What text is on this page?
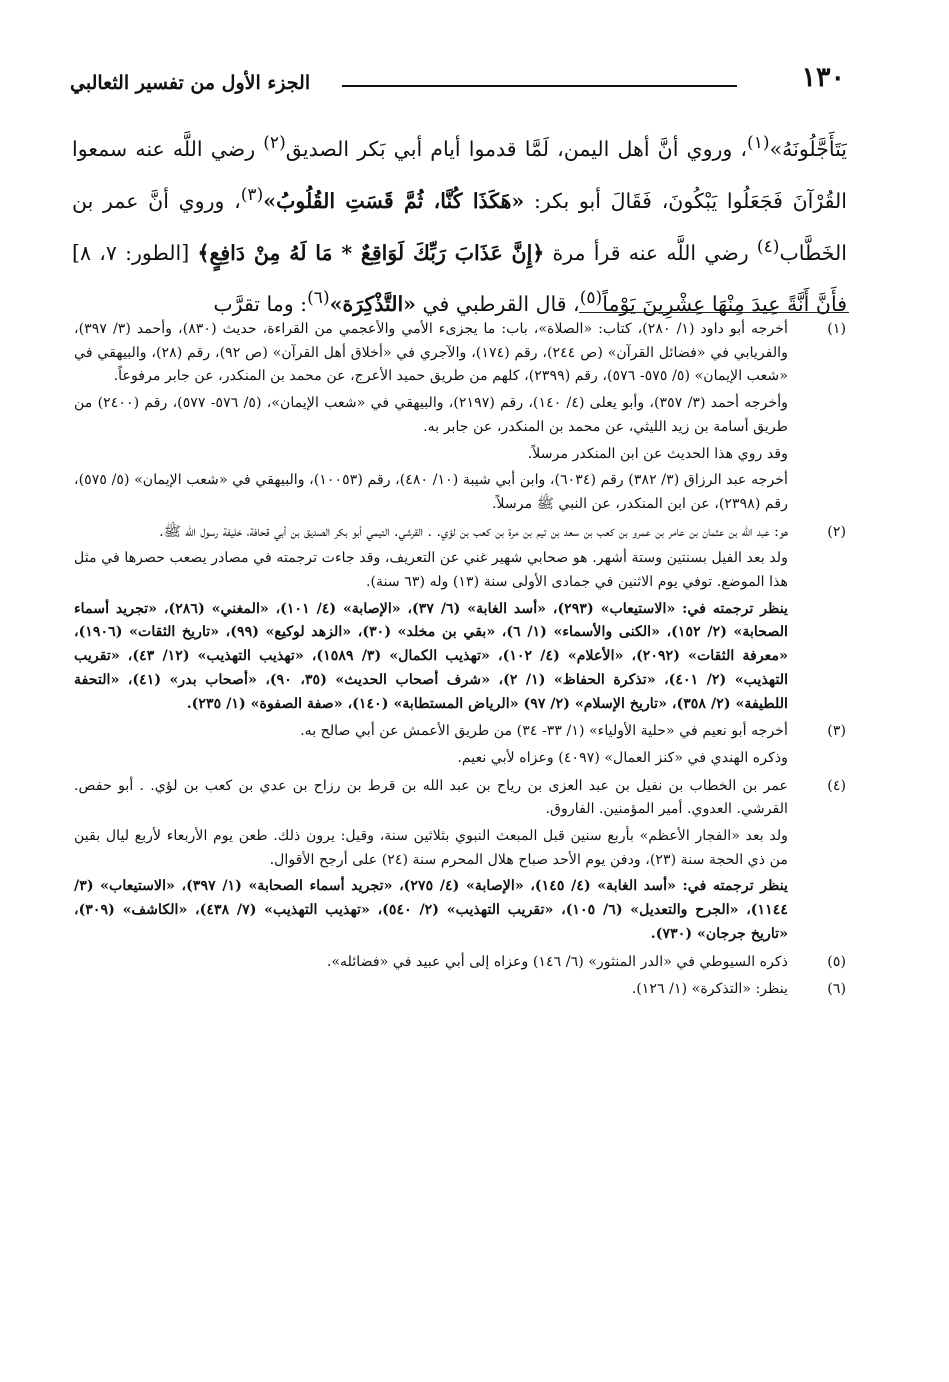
١٣٠
الجزء الأول من تفسير الثعالبي

يَتَأَجَّلُونَهُ»$^{(١)}$، وروي أنَّ أهل اليمن، لَمَّا قدموا أيام أبي بَكر الصديق$^{(٢)}$ رضي اللَّه عنه سمعوا القُرْآنَ فَجَعَلُوا يَبْكُونَ، فَقَالَ أبو بكر: «هَكَذَا كُنَّا، ثُمَّ قَسَتِ القُلُوبُ»$^{(٣)}$، وروي أنَّ عمر بن الخَطَّاب$^{(٤)}$ رضي اللَّه عنه قرأ مرة ﴿إِنَّ عَذَابَ رَبِّكَ لَوَاقِعٌ * مَا لَهُ مِنْ دَافِعٍ﴾ [الطور: ٧، ٨] فأَنَّ أَنَّةً عِيدَ مِنْهَا عِشْرِينَ يَوْماً$^{(٥)}$، قال القرطبي في «التَّذْكِرَة»$^{(٦)}$: وما تقرَّب

(١)

أخرجه أبو داود (١/ ٢٨٠)، كتاب: «الصلاة»، باب: ما يجزىء الأمي والأعجمي من القراءة، حديث (٨٣٠)، وأحمد (٣/ ٣٩٧)، والفريابي في «فضائل القرآن» (ص ٢٤٤)، رقم (١٧٤)، والآجري في «أخلاق أهل القرآن» (ص ٩٢)، رقم (٢٨)، والبيهقي في «شعب الإيمان» (٥/ ٥٧٥- ٥٧٦)، رقم (٢٣٩٩)، كلهم من طريق حميد الأعرج، عن محمد بن المنكدر، عن جابر مرفوعاً.

وأخرجه أحمد (٣/ ٣٥٧)، وأبو يعلى (٤/ ١٤٠)، رقم (٢١٩٧)، والبيهقي في «شعب الإيمان»، (٥/ ٥٧٦- ٥٧٧)، رقم (٢٤٠٠) من طريق أسامة بن زيد الليثي، عن محمد بن المنكدر، عن جابر به.

وقد روي هذا الحديث عن ابن المنكدر مرسلاً.

أخرجه عبد الرزاق (٣/ ٣٨٢) رقم (٦٠٣٤)، وابن أبي شيبة (١٠/ ٤٨٠)، رقم (١٠٠٥٣)، والبيهقي في «شعب الإيمان» (٥/ ٥٧٥)، رقم (٢٣٩٨)، عن ابن المنكدر، عن النبي ﷺ مرسلاً.

(٢)

هو: عبد الله بن عثمان بن عامر بن عمرو بن كعب بن سعد بن تيم بن مرة بن كعب بن لؤي. . القرشي. التيمي أبو بكر الصديق بن أبي قحافة، خليفة رسول الله ﷺ.

ولد بعد الفيل بسنتين وستة أشهر. هو صحابي شهير غني عن التعريف، وقد جاءت ترجمته في مصادر يصعب حصرها في مثل هذا الموضع. توفي يوم الاثنين في جمادى الأولى سنة (١٣) وله (٦٣ سنة).

ينظر ترجمته في: «الاستيعاب» (٢٩٣)، «أسد الغابة» (٦/ ٣٧)، «الإصابة» (٤/ ١٠١)، «المغني» (٢٨٦)، «تجريد أسماء الصحابة» (٢/ ١٥٢)، «الكنى والأسماء» (١/ ٦)، «بقي بن مخلد» (٣٠)، «الزهد لوكيع» (٩٩)، «تاريخ الثقات» (١٩٠٦)، «معرفة الثقات» (٢٠٩٢)، «الأعلام» (٤/ ١٠٢)، «تهذيب الكمال» (٣/ ١٥٨٩)، «تهذيب التهذيب» (١٢/ ٤٣)، «تقريب التهذيب» (٢/ ٤٠١)، «تذكرة الحفاظ» (١/ ٢)، «شرف أصحاب الحديث» (٣٥، ٩٠)، «أصحاب بدر» (٤١)، «التحفة اللطيفة» (٢/ ٣٥٨)، «تاريخ الإسلام» (٢/ ٩٧) «الرياض المستطابة» (١٤٠)، «صفة الصفوة» (١/ ٢٣٥).

(٣)

أخرجه أبو نعيم في «حلية الأولياء» (١/ ٣٣- ٣٤) من طريق الأعمش عن أبي صالح به.

وذكره الهندي في «كنز العمال» (٤٠٩٧) وعزاه لأبي نعيم.

(٤)

عمر بن الخطاب بن نفيل بن عبد العزى بن رياح بن عبد الله بن قرط بن رزاح بن عدي بن كعب بن لؤي. . أبو حفص. القرشي. العدوي. أمير المؤمنين. الفاروق.

ولد بعد «الفجار الأعظم» بأربع سنين قبل المبعث النبوي بثلاثين سنة، وقيل: يرون ذلك. طعن يوم الأربعاء لأربع ليال بقين من ذي الحجة سنة (٢٣)، ودفن يوم الأحد صباح هلال المحرم سنة (٢٤) على أرجح الأقوال.

ينظر ترجمته في: «أسد الغابة» (٤/ ١٤٥)، «الإصابة» (٤/ ٢٧٥)، «تجريد أسماء الصحابة» (١/ ٣٩٧)، «الاستيعاب» (٣/ ١١٤٤)، «الجرح والتعديل» (٦/ ١٠٥)، «تقريب التهذيب» (٢/ ٥٤٠)، «تهذيب التهذيب» (٧/ ٤٣٨)، «الكاشف» (٣٠٩)، «تاريخ جرجان» (٧٣٠).

(٥)

ذكره السيوطي في «الدر المنثور» (٦/ ١٤٦) وعزاه إلى أبي عبيد في «فضائله».

(٦)

ينظر: «التذكرة» (١/ ١٢٦).
